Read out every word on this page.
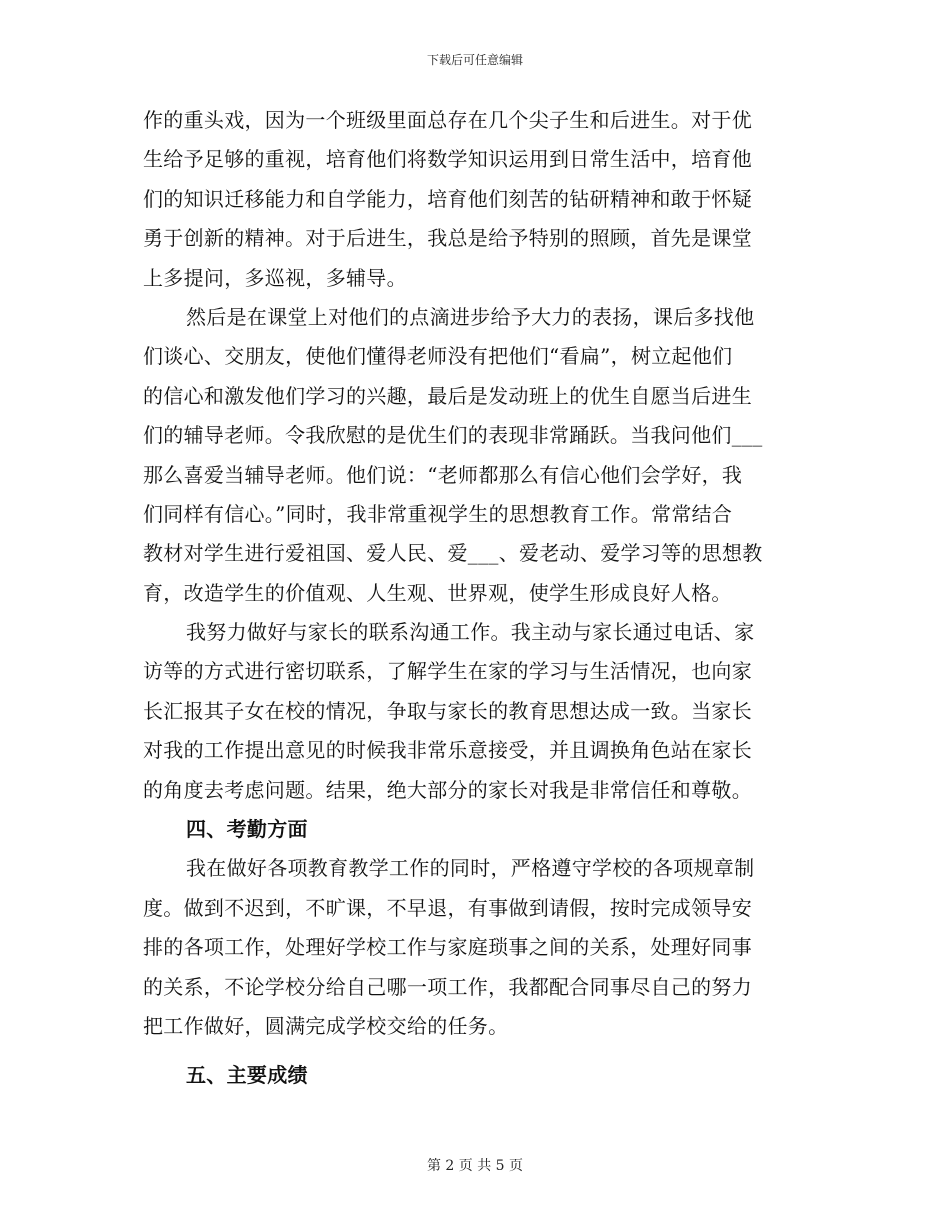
下载后可任意编辑
作的重头戏，因为一个班级里面总存在几个尖子生和后进生。对于优
生给予足够的重视，培育他们将数学知识运用到日常生活中，培育他
们的知识迁移能力和自学能力，培育他们刻苦的钻研精神和敢于怀疑
勇于创新的精神。对于后进生，我总是给予特别的照顾，首先是课堂
上多提问，多巡视，多辅导。
然后是在课堂上对他们的点滴进步给予大力的表扬，课后多找他
们谈心、交朋友，使他们懂得老师没有把他们“看扁”，树立起他们
的信心和激发他们学习的兴趣，最后是发动班上的优生自愿当后进生
们的辅导老师。令我欣慰的是优生们的表现非常踊跃。当我问他们___
那么喜爱当辅导老师。他们说：“老师都那么有信心他们会学好，我
们同样有信心。”同时，我非常重视学生的思想教育工作。常常结合
教材对学生进行爱祖国、爱人民、爱___、爱老动、爱学习等的思想教
育，改造学生的价值观、人生观、世界观，使学生形成良好人格。
我努力做好与家长的联系沟通工作。我主动与家长通过电话、家
访等的方式进行密切联系，了解学生在家的学习与生活情况，也向家
长汇报其子女在校的情况，争取与家长的教育思想达成一致。当家长
对我的工作提出意见的时候我非常乐意接受，并且调换角色站在家长
的角度去考虑问题。结果，绝大部分的家长对我是非常信任和尊敬。
四、考勤方面
我在做好各项教育教学工作的同时，严格遵守学校的各项规章制
度。做到不迟到，不旷课，不早退，有事做到请假，按时完成领导安
排的各项工作，处理好学校工作与家庭琐事之间的关系，处理好同事
的关系，不论学校分给自己哪一项工作，我都配合同事尽自己的努力
把工作做好，圆满完成学校交给的任务。
五、主要成绩
第 2 页 共 5 页
